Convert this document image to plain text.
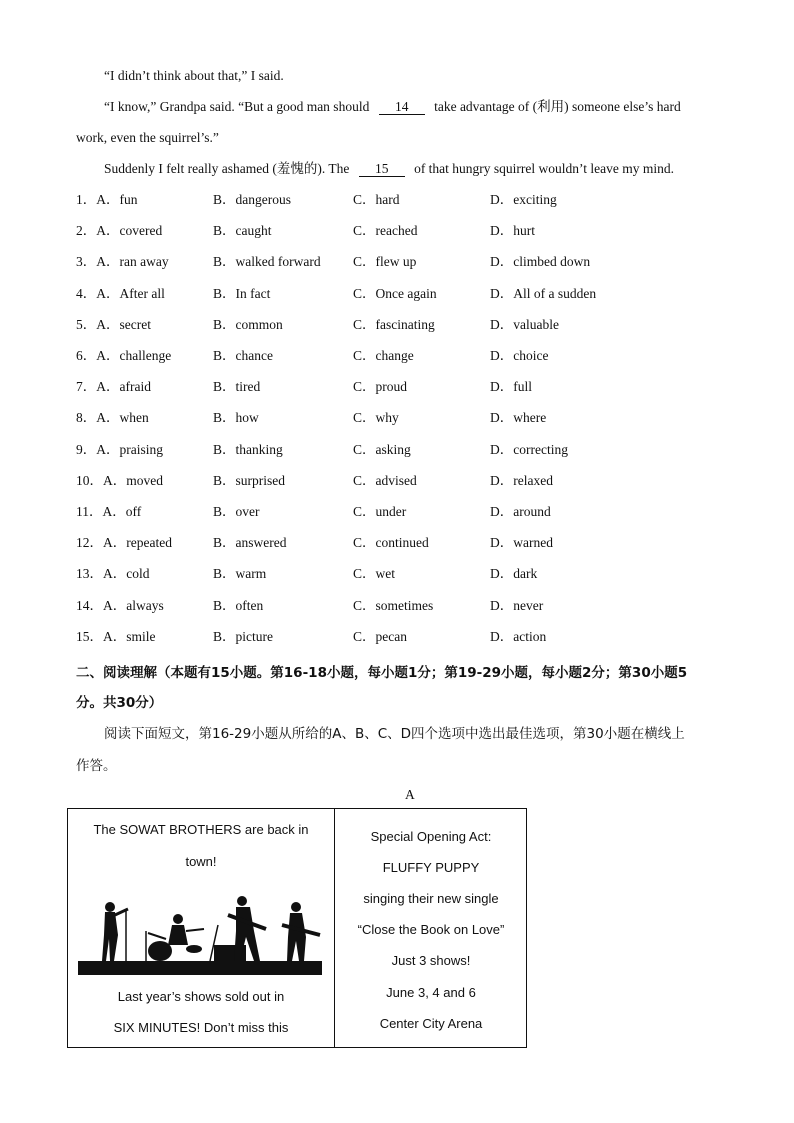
“I didn’t think about that,” I said.
“I know,” Grandpa said. “But a good man should 14 take advantage of (利用) someone else’s hard
work, even the squirrel’s.”
Suddenly I felt really ashamed (羞愧的). The 15 of that hungry squirrel wouldn’t leave my mind.
1．A．fun	B．dangerous	C．hard	D．exciting
2．A．covered	B．caught	C．reached	D．hurt
3．A．ran away	B．walked forward C．flew up	D．climbed down
4．A．After all	B．In fact	C．Once again	D．All of a sudden
5．A．secret	B．common	C．fascinating	D．valuable
6．A．challenge	B．chance	C．change	D．choice
7．A．afraid	B．tired	C．proud	D．full
8．A．when	B．how	C．why	D．where
9．A．praising	B．thanking	C．asking	D．correcting
10．A．moved	B．surprised	C．advised	D．relaxed
11．A．off	B．over	C．under	D．around
12．A．repeated	B．answered	C．continued	D．warned
13．A．cold	B．warm	C．wet	D．dark
14．A．always	B．often	C．sometimes	D．never
15．A．smile	B．picture	C．pecan	D．action
二、阅读理解（本题有15小题。第16-18小题，每小题1分；第19-29小题，每小题2分；第30小题5
分。共30分）
阅读下面短文，第16-29小题从所给的A、B、C、D四个选项中选出最佳选项，第30小题在横线上
作答。
A
The SOWAT BROTHERS are back in
town!
Last year’s shows sold out in
SIX MINUTES! Don’t miss this
Special Opening Act:
FLUFFY PUPPY
singing their new single
“Close the Book on Love”
Just 3 shows!
June 3, 4 and 6
Center City Arena
